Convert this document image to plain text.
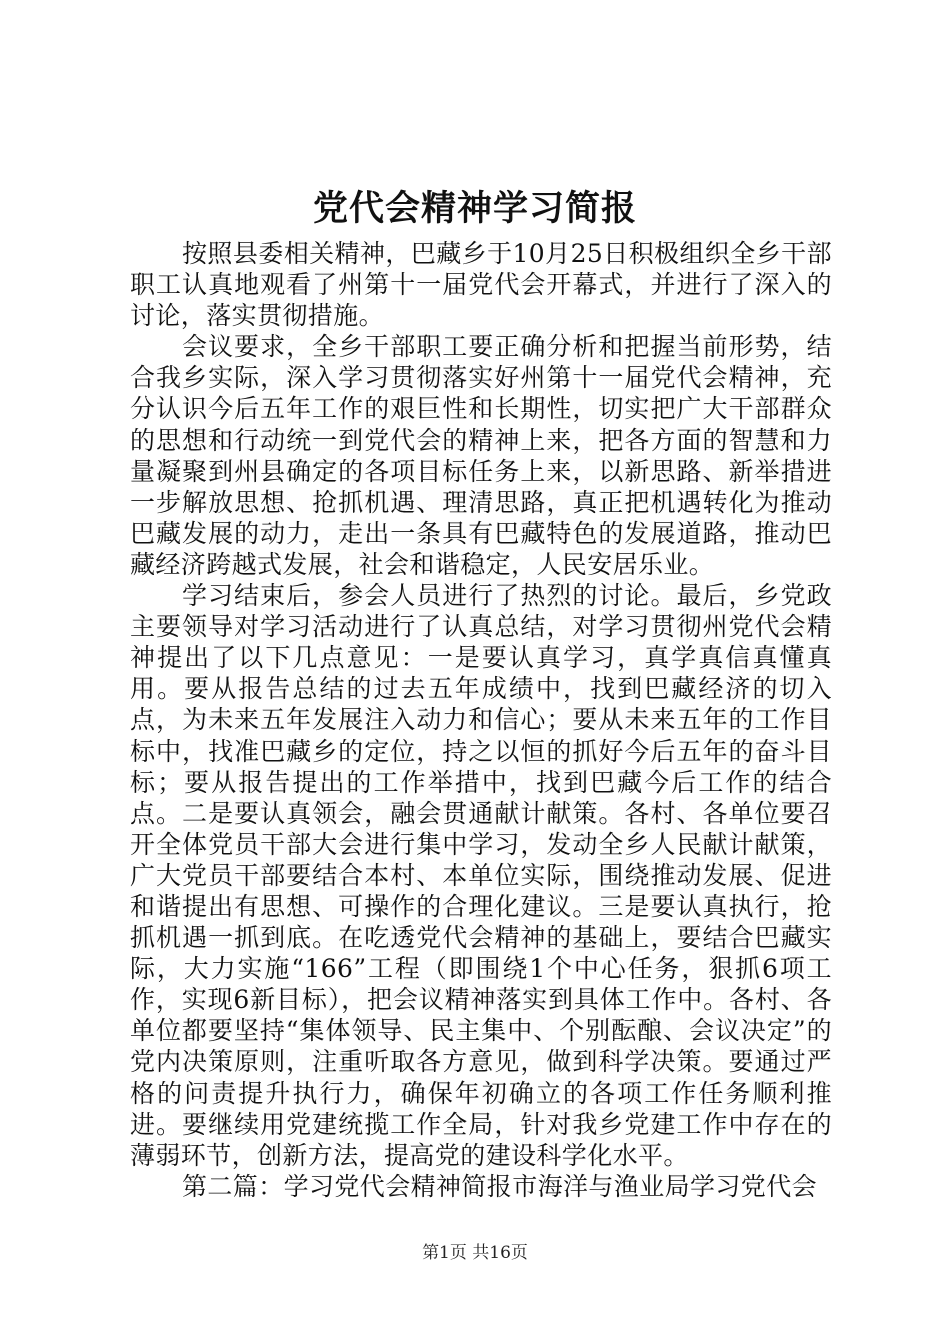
党代会精神学习简报

按照县委相关精神，巴藏乡于10月25日积极组织全乡干部职工认真地观看了州第十一届党代会开幕式，并进行了深入的讨论，落实贯彻措施。

会议要求，全乡干部职工要正确分析和把握当前形势，结合我乡实际，深入学习贯彻落实好州第十一届党代会精神，充分认识今后五年工作的艰巨性和长期性，切实把广大干部群众的思想和行动统一到党代会的精神上来，把各方面的智慧和力量凝聚到州县确定的各项目标任务上来，以新思路、新举措进一步解放思想、抢抓机遇、理清思路，真正把机遇转化为推动巴藏发展的动力，走出一条具有巴藏特色的发展道路，推动巴藏经济跨越式发展，社会和谐稳定，人民安居乐业。

学习结束后，参会人员进行了热烈的讨论。最后，乡党政主要领导对学习活动进行了认真总结，对学习贯彻州党代会精神提出了以下几点意见：一是要认真学习，真学真信真懂真用。要从报告总结的过去五年成绩中，找到巴藏经济的切入点，为未来五年发展注入动力和信心；要从未来五年的工作目标中，找准巴藏乡的定位，持之以恒的抓好今后五年的奋斗目标；要从报告提出的工作举措中，找到巴藏今后工作的结合点。二是要认真领会，融会贯通献计献策。各村、各单位要召开全体党员干部大会进行集中学习，发动全乡人民献计献策，广大党员干部要结合本村、本单位实际，围绕推动发展、促进和谐提出有思想、可操作的合理化建议。三是要认真执行，抢抓机遇一抓到底。在吃透党代会精神的基础上，要结合巴藏实际，大力实施“166”工程（即围绕1个中心任务，狠抓6项工作，实现6新目标），把会议精神落实到具体工作中。各村、各单位都要坚持“集体领导、民主集中、个别酝酿、会议决定”的党内决策原则，注重听取各方意见，做到科学决策。要通过严格的问责提升执行力，确保年初确立的各项工作任务顺利推进。要继续用党建统揽工作全局，针对我乡党建工作中存在的薄弱环节，创新方法，提高党的建设科学化水平。

第二篇：学习党代会精神简报市海洋与渔业局学习党代会

第1页 共16页
